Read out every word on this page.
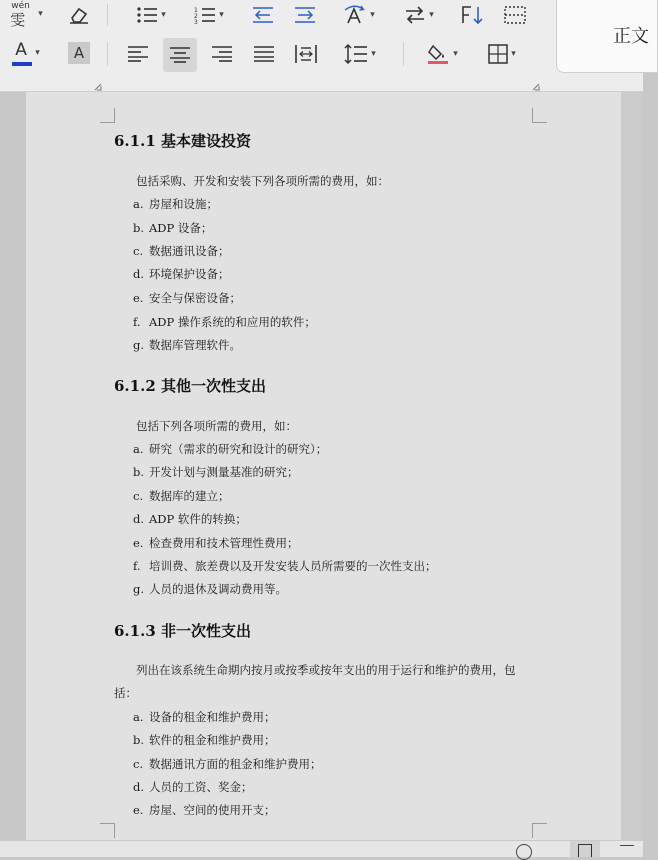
wén
雯 ▾	▾	1
2
3
▾	▾	▾
A ▾ A	▾	▾	▾
正文
6.1.1 基本建设投资
包括采购、开发和安装下列各项所需的费用，如：
a. 房屋和设施；
b. ADP 设备；
c. 数据通讯设备；
d. 环境保护设备；
e. 安全与保密设备；
f. ADP 操作系统的和应用的软件；
g. 数据库管理软件。
6.1.2 其他一次性支出
包括下列各项所需的费用，如：
a. 研究（需求的研究和设计的研究）；
b. 开发计划与测量基准的研究；
c. 数据库的建立；
d. ADP 软件的转换；
e. 检查费用和技术管理性费用；
f. 培训费、旅差费以及开发安装人员所需要的一次性支出；
g. 人员的退休及调动费用等。
6.1.3 非一次性支出
列出在该系统生命期内按月或按季或按年支出的用于运行和维护的费用，包
括：
a. 设备的租金和维护费用；
b. 软件的租金和维护费用；
c. 数据通讯方面的租金和维护费用；
d. 人员的工资、奖金；
e. 房屋、空间的使用开支；
